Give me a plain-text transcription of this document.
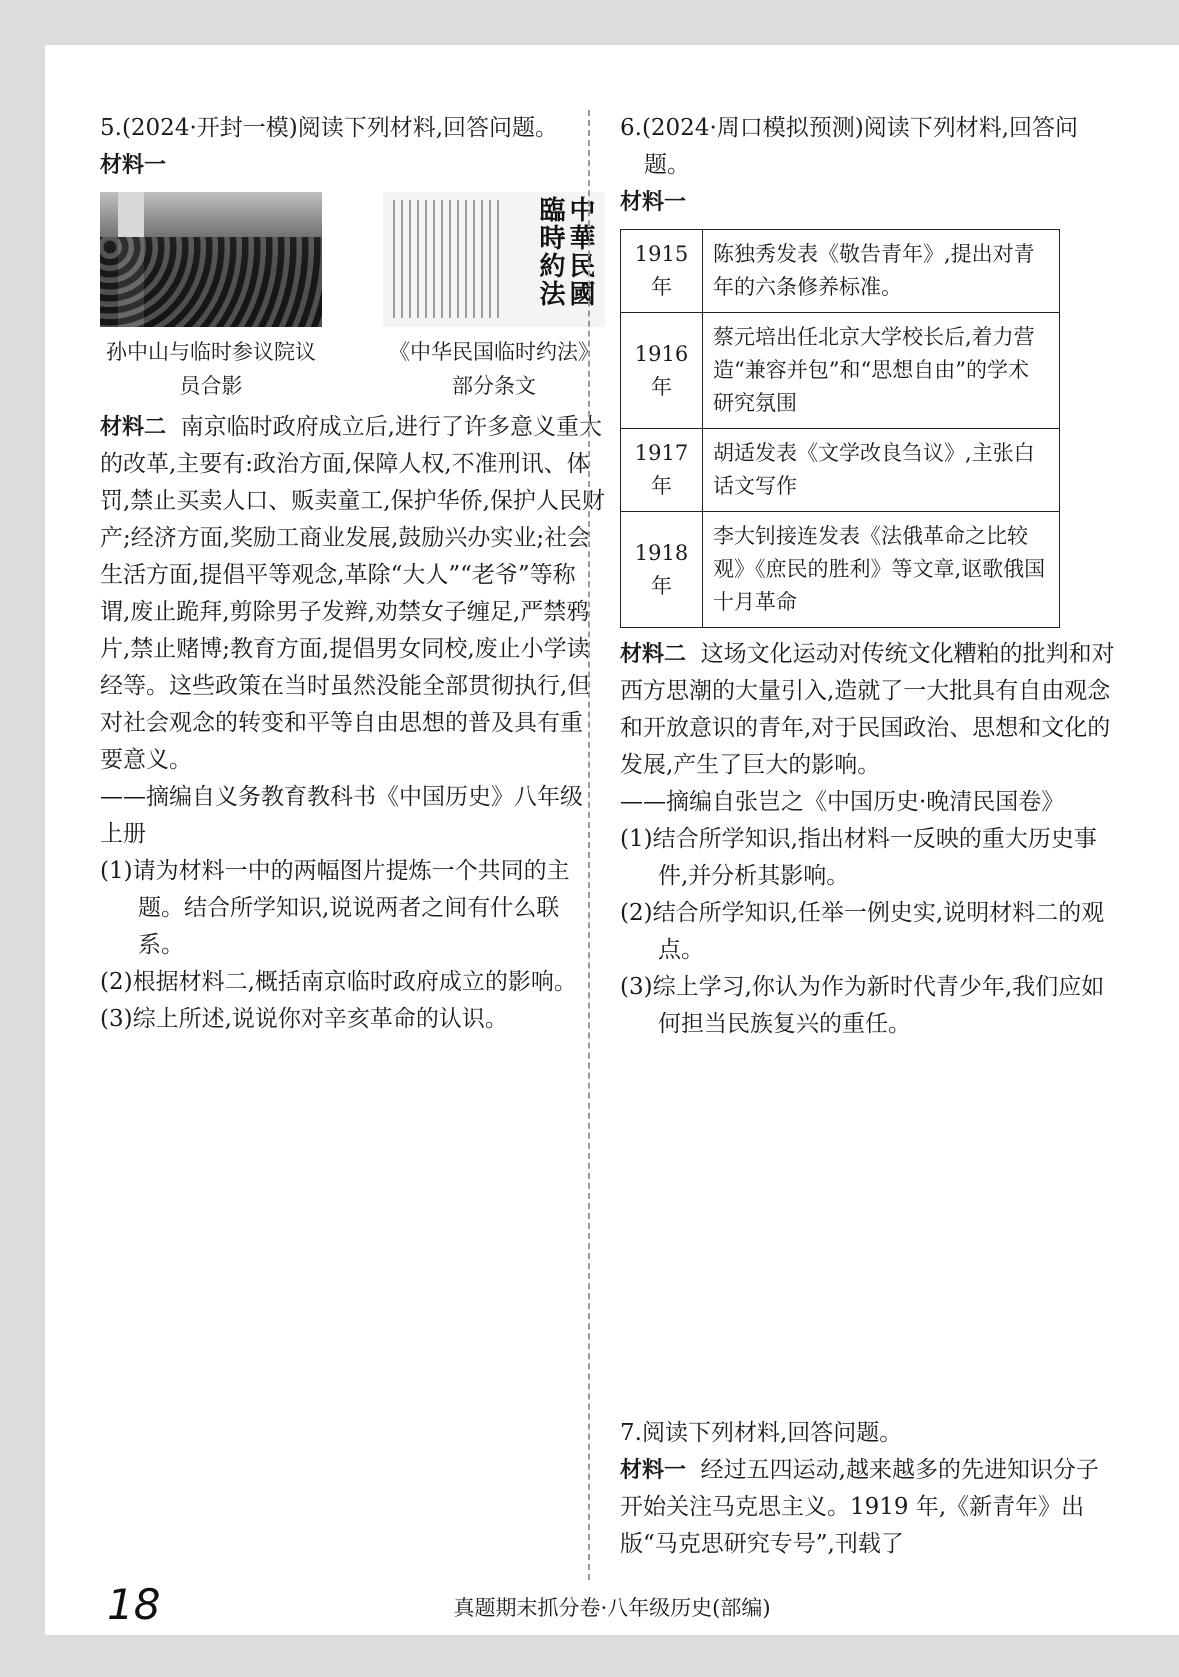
5.(2024·开封一模)阅读下列材料,回答问题。

材料一
孙中山与临时参议院议员合影
中華民國臨時約法
《中华民国临时约法》部分条文

材料二 南京临时政府成立后,进行了许多意义重大的改革,主要有:政治方面,保障人权,不准刑讯、体罚,禁止买卖人口、贩卖童工,保护华侨,保护人民财产;经济方面,奖励工商业发展,鼓励兴办实业;社会生活方面,提倡平等观念,革除“大人”“老爷”等称谓,废止跪拜,剪除男子发辫,劝禁女子缠足,严禁鸦片,禁止赌博;教育方面,提倡男女同校,废止小学读经等。这些政策在当时虽然没能全部贯彻执行,但对社会观念的转变和平等自由思想的普及具有重要意义。

——摘编自义务教育教科书《中国历史》八年级上册

(1)请为材料一中的两幅图片提炼一个共同的主题。结合所学知识,说说两者之间有什么联系。

(2)根据材料二,概括南京临时政府成立的影响。

(3)综上所述,说说你对辛亥革命的认识。

6.(2024·周口模拟预测)阅读下列材料,回答问题。

材料一
1915 年	陈独秀发表《敬告青年》,提出对青年的六条修养标准。
1916 年	蔡元培出任北京大学校长后,着力营造“兼容并包”和“思想自由”的学术研究氛围
1917 年	胡适发表《文学改良刍议》,主张白话文写作
1918 年	李大钊接连发表《法俄革命之比较观》《庶民的胜利》等文章,讴歌俄国十月革命

材料二 这场文化运动对传统文化糟粕的批判和对西方思潮的大量引入,造就了一大批具有自由观念和开放意识的青年,对于民国政治、思想和文化的发展,产生了巨大的影响。

——摘编自张岂之《中国历史·晚清民国卷》

(1)结合所学知识,指出材料一反映的重大历史事件,并分析其影响。

(2)结合所学知识,任举一例史实,说明材料二的观点。

(3)综上学习,你认为作为新时代青少年,我们应如何担当民族复兴的重任。

7.阅读下列材料,回答问题。

材料一 经过五四运动,越来越多的先进知识分子开始关注马克思主义。1919 年,《新青年》出版“马克思研究专号”,刊载了

18	真题期末抓分卷·八年级历史(部编)
